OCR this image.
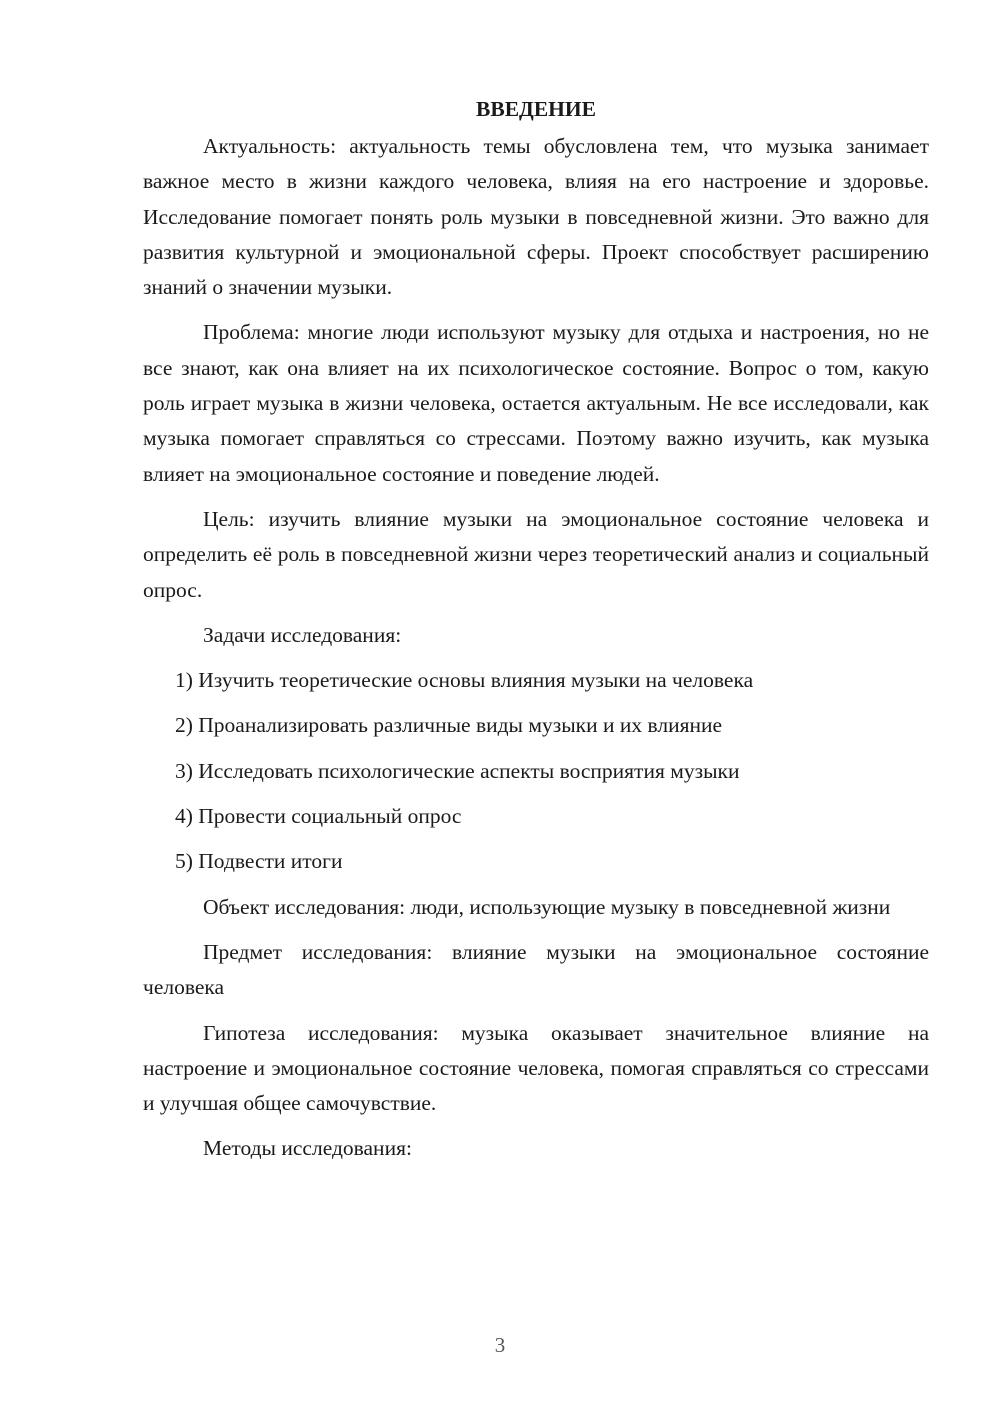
ВВЕДЕНИЕ

Актуальность: актуальность темы обусловлена тем, что музыка занимает важное место в жизни каждого человека, влияя на его настроение и здоровье. Исследование помогает понять роль музыки в повседневной жизни. Это важно для развития культурной и эмоциональной сферы. Проект способствует расширению знаний о значении музыки.

Проблема: многие люди используют музыку для отдыха и настроения, но не все знают, как она влияет на их психологическое состояние. Вопрос о том, какую роль играет музыка в жизни человека, остается актуальным. Не все исследовали, как музыка помогает справляться со стрессами. Поэтому важно изучить, как музыка влияет на эмоциональное состояние и поведение людей.

Цель: изучить влияние музыки на эмоциональное состояние человека и определить её роль в повседневной жизни через теоретический анализ и социальный опрос.

Задачи исследования:
1) Изучить теоретические основы влияния музыки на человека
2) Проанализировать различные виды музыки и их влияние
3) Исследовать психологические аспекты восприятия музыки
4) Провести социальный опрос
5) Подвести итоги

Объект исследования: люди, использующие музыку в повседневной жизни

Предмет исследования: влияние музыки на эмоциональное состояние человека

Гипотеза исследования: музыка оказывает значительное влияние на настроение и эмоциональное состояние человека, помогая справляться со стрессами и улучшая общее самочувствие.

Методы исследования:
3
